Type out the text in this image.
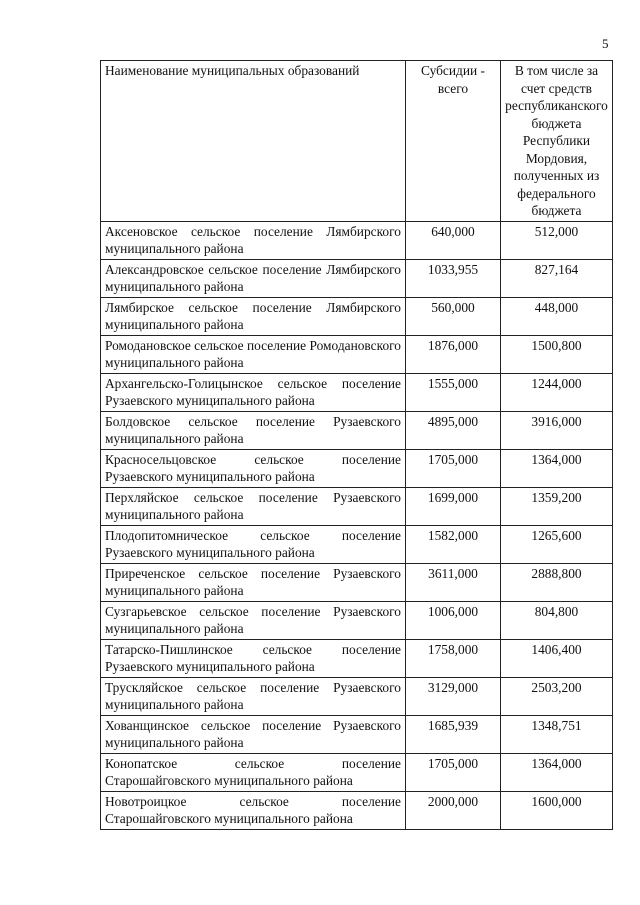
5
Наименование муниципальных образований	Субсидии - всего	В том числе за счет средств республиканского бюджета Республики Мордовия, полученных из федерального бюджета
Аксеновское сельское поселение Лямбирского муниципального района	640,000	512,000
Александровское сельское поселение Лямбирского муниципального района	1033,955	827,164
Лямбирское сельское поселение Лямбирского муниципального района	560,000	448,000
Ромодановское сельское поселение Ромодановского муниципального района	1876,000	1500,800
Архангельско-Голицынское сельское поселение Рузаевского муниципального района	1555,000	1244,000
Болдовское сельское поселение Рузаевского муниципального района	4895,000	3916,000
Красносельцовское сельское поселение Рузаевского муниципального района	1705,000	1364,000
Перхляйское сельское поселение Рузаевского муниципального района	1699,000	1359,200
Плодопитомническое сельское поселение Рузаевского муниципального района	1582,000	1265,600
Приреченское сельское поселение Рузаевского муниципального района	3611,000	2888,800
Сузгарьевское сельское поселение Рузаевского муниципального района	1006,000	804,800
Татарско-Пишлинское сельское поселение Рузаевского муниципального района	1758,000	1406,400
Трускляйское сельское поселение Рузаевского муниципального района	3129,000	2503,200
Хованщинское сельское поселение Рузаевского муниципального района	1685,939	1348,751
Конопатское сельское поселение Старошайговского муниципального района	1705,000	1364,000
Новотроицкое сельское поселение Старошайговского муниципального района	2000,000	1600,000
